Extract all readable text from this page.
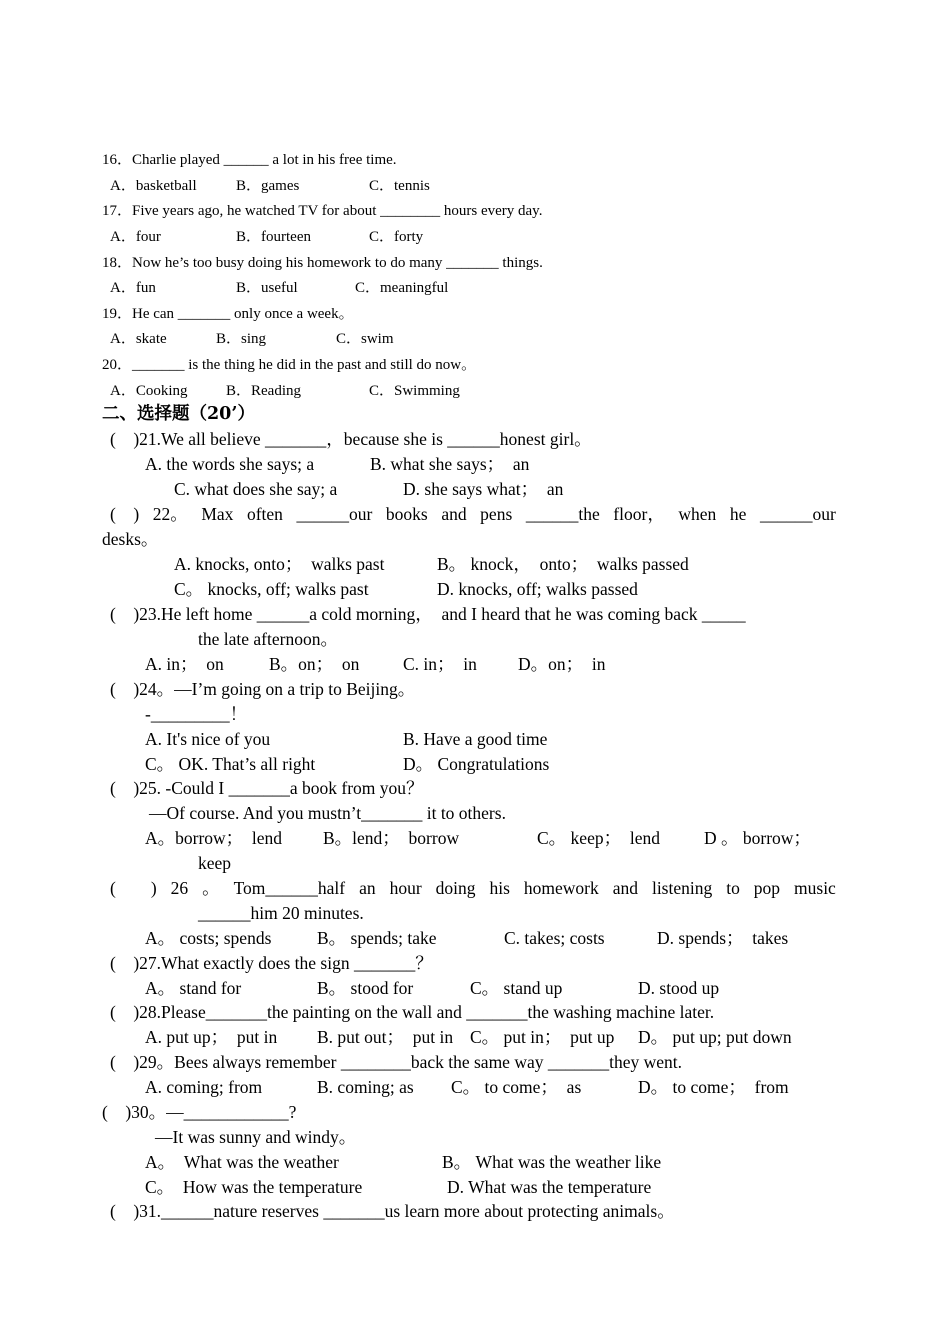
16．Charlie played ______ a lot in his free time.
A．basketball	B．games	C．tennis
17．Five years ago, he watched TV for about ________ hours every day.
A．four	B．fourteen	C．forty
18．Now he’s too busy doing his homework to do many _______ things.
A．fun	B．useful	C．meaningful
19．He can _______ only once a week。
A．skate	B．sing	C．swim
20．_______ is the thing he did in the past and still do now。
A．Cooking	B．Reading	C．Swimming
二、选择题（20’）
(　)21.We all believe _______，because she is ______honest girl。
A. the words she says; a	B. what she says；  an
C. what does she say; a	D. she says what；  an
(　) 22。 Max often ______our books and pens ______the floor， when he ______our
desks。
A. knocks, onto；  walks past	B。 knock，  onto；  walks passed
C。 knocks, off; walks past	D. knocks, off; walks passed
(　)23.He left home ______a cold morning，  and I heard that he was coming back _____
the late afternoon。
A. in；  on	B。on；  on C. in；  in D。on；  in
(　)24。—I’m going on a trip to Beijing。
-_________！
A. It's nice of you	B. Have a good time
C。 OK. That’s all right	D。 Congratulations
(　)25. -Could I _______a book from you？
—Of course. And you mustn’t_______ it to others.
A。borrow；  lend B。lend；  borrow	C。 keep；  lend	D 。 borrow；
keep
(　　) 26 。 Tom______half an hour doing his homework and listening to pop music
______him 20 minutes.
A。 costs; spends	B。 spends; take	C. takes; costs	D. spends；  takes
(　)27.What exactly does the sign _______？
A。 stand for	B。 stood for	C。 stand up	D. stood up
(　)28.Please_______the painting on the wall and _______the washing machine later.
A. put up；  put in B. put out；  put in C。 put in；  put up D。 put up; put down
(　)29。Bees always remember ________back the same way _______they went.
A. coming; from	B. coming; as C。 to come；  as	D。 to come；  from
(　)30。—____________?
—It was sunny and windy。
A。  What was the weather	B。 What was the weather like
C。  How was the temperature	D. What was the temperature
(　)31.______nature reserves _______us learn more about protecting animals。
